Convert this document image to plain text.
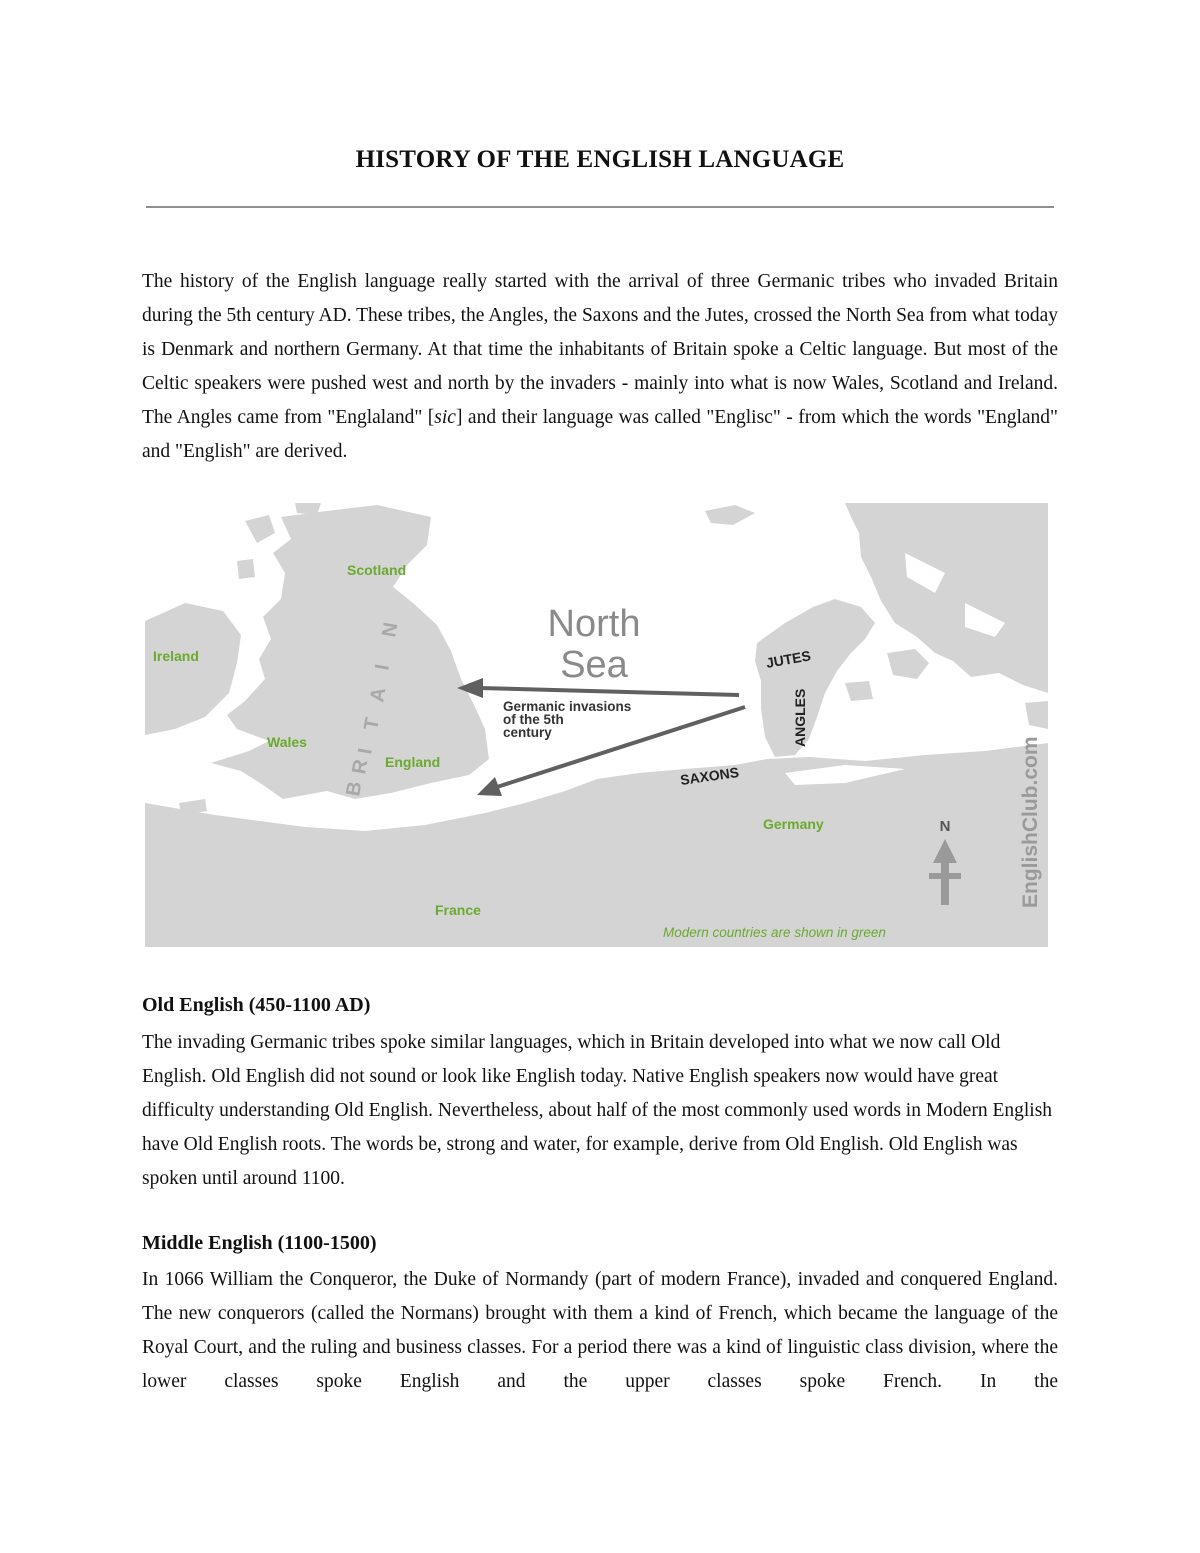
HISTORY OF THE ENGLISH LANGUAGE

The history of the English language really started with the arrival of three Germanic tribes who invaded Britain during the 5th century AD. These tribes, the Angles, the Saxons and the Jutes, crossed the North Sea from what today is Denmark and northern Germany. At that time the inhabitants of Britain spoke a Celtic language. But most of the Celtic speakers were pushed west and north by the invaders - mainly into what is now Wales, Scotland and Ireland. The Angles came from "Englaland" [sic] and their language was called "Englisc" - from which the words "England" and "English" are derived.

North
Sea
N
I
A
T
I
R
B
Scotland
Ireland
Wales
England
Germany
France
JUTES
ANGLES
SAXONS
Germanic invasions
of the 5th
century
N	EnglishClub.com
Modern countries are shown in green
Old English (450-1100 AD)

The invading Germanic tribes spoke similar languages, which in Britain developed into what we now call Old English. Old English did not sound or look like English today. Native English speakers now would have great difficulty understanding Old English. Nevertheless, about half of the most commonly used words in Modern English have Old English roots. The words be, strong and water, for example, derive from Old English. Old English was spoken until around 1100.

Middle English (1100-1500)

In 1066 William the Conqueror, the Duke of Normandy (part of modern France), invaded and conquered England. The new conquerors (called the Normans) brought with them a kind of French, which became the language of the Royal Court, and the ruling and business classes. For a period there was a kind of linguistic class division, where the lower classes spoke English and the upper classes spoke French. In the
